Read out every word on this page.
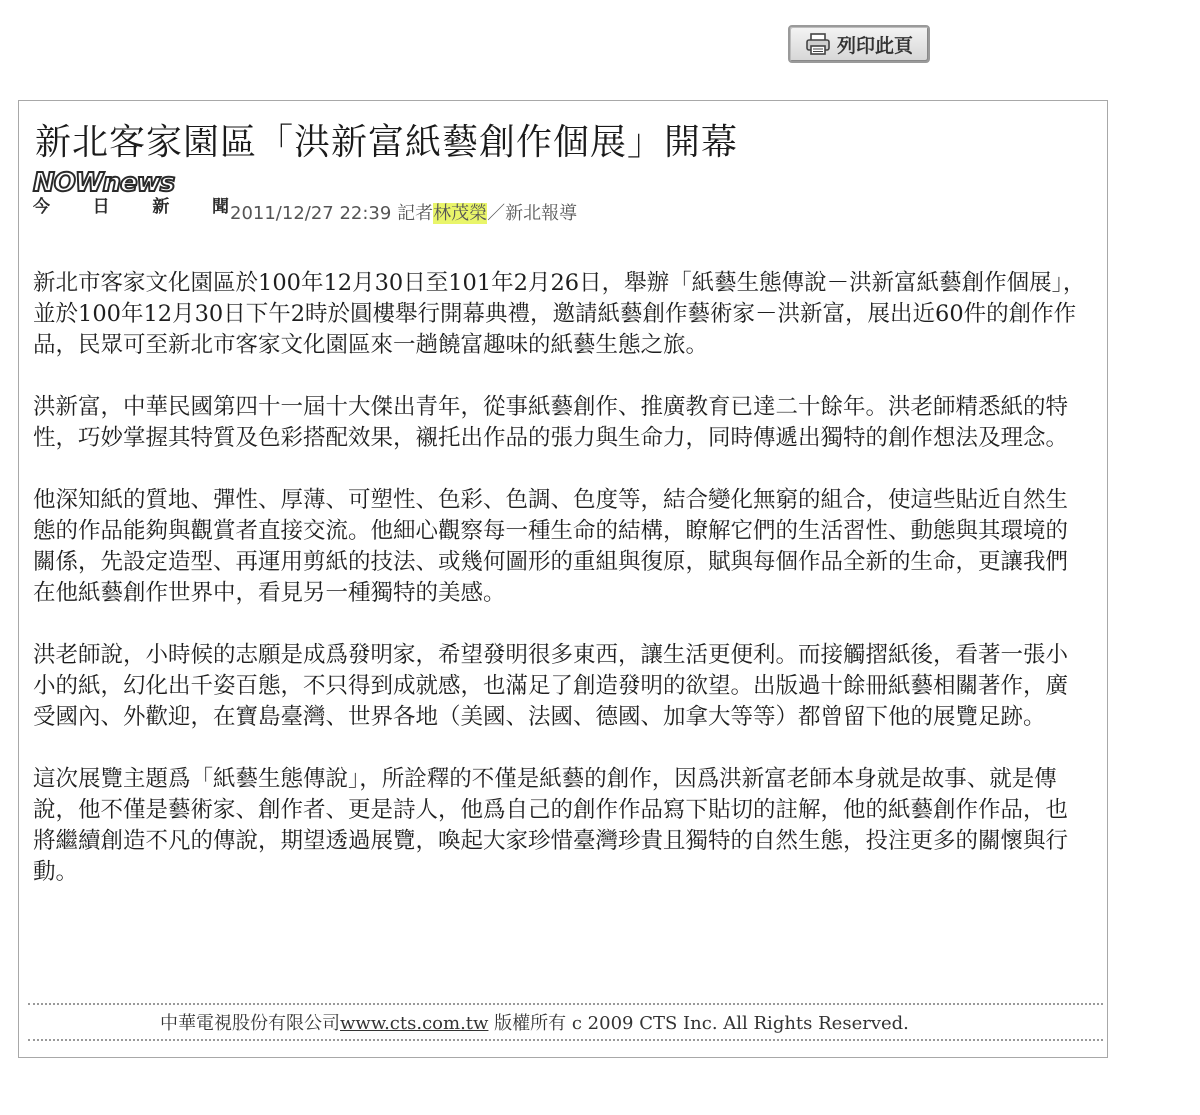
列印此頁
新北客家園區「洪新富紙藝創作個展」開幕
NOWnews
今	日	新	聞 2011/12/27 22:39 記者林茂榮／新北報導

新北市客家文化園區於100年12月30日至101年2月26日，舉辦「紙藝生態傳說－洪新富紙藝創作個展」，並於100年12月30日下午2時於圓樓舉行開幕典禮，邀請紙藝創作藝術家－洪新富，展出近60件的創作作品，民眾可至新北市客家文化園區來一趟饒富趣味的紙藝生態之旅。

洪新富，中華民國第四十一屆十大傑出青年，從事紙藝創作、推廣教育已達二十餘年。洪老師精悉紙的特性，巧妙掌握其特質及色彩搭配效果，襯托出作品的張力與生命力，同時傳遞出獨特的創作想法及理念。

他深知紙的質地、彈性、厚薄、可塑性、色彩、色調、色度等，結合變化無窮的組合，使這些貼近自然生態的作品能夠與觀賞者直接交流。他細心觀察每一種生命的結構，瞭解它們的生活習性、動態與其環境的關係，先設定造型、再運用剪紙的技法、或幾何圖形的重組與復原，賦與每個作品全新的生命，更讓我們在他紙藝創作世界中，看見另一種獨特的美感。

洪老師說，小時候的志願是成爲發明家，希望發明很多東西，讓生活更便利。而接觸摺紙後，看著一張小小的紙，幻化出千姿百態，不只得到成就感，也滿足了創造發明的欲望。出版過十餘冊紙藝相關著作，廣受國內、外歡迎，在寶島臺灣、世界各地（美國、法國、德國、加拿大等等）都曾留下他的展覽足跡。

這次展覽主題爲「紙藝生態傳說」，所詮釋的不僅是紙藝的創作，因爲洪新富老師本身就是故事、就是傳說，他不僅是藝術家、創作者、更是詩人，他爲自己的創作作品寫下貼切的註解，他的紙藝創作作品，也將繼續創造不凡的傳說，期望透過展覽，喚起大家珍惜臺灣珍貴且獨特的自然生態，投注更多的關懷與行動。

中華電視股份有限公司www.cts.com.tw 版權所有 c 2009 CTS Inc. All Rights Reserved.
